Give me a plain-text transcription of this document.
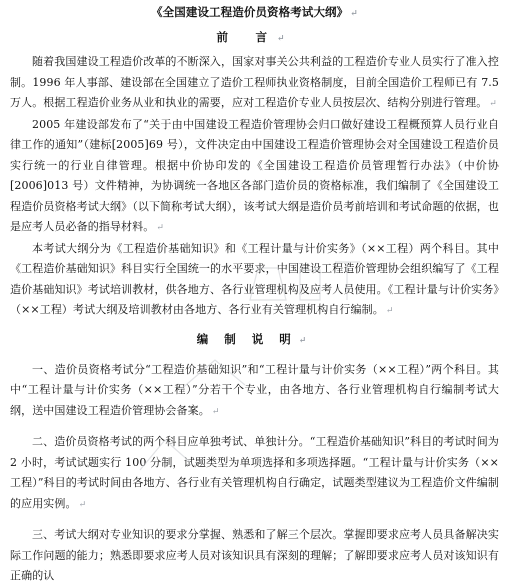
《全国建设工程造价员资格考试大纲》 ↵
前　言 ↵

随着我国建设工程造价改革的不断深入，国家对事关公共利益的工程造价专业人员实行了准入控制。1996 年人事部、建设部在全国建立了造价工程师执业资格制度，目前全国造价工程师已有 7.5 万人。根据工程造价业务从业和执业的需要，应对工程造价专业人员按层次、结构分别进行管理。 ↵

2005 年建设部发布了“关于由中国建设工程造价管理协会归口做好建设工程概预算人员行业自律工作的通知”（建标[2005]69 号），文件决定由中国建设工程造价管理协会对全国建设工程造价员实行统一的行业自律管理。根据中价协印发的《全国建设工程造价员管理暂行办法》（中价协 [2006]013 号）文件精神，为协调统一各地区各部门造价员的资格标准，我们编制了《全国建设工程造价员资格考试大纲》（以下简称考试大纲），该考试大纲是造价员考前培训和考试命题的依据，也是应考人员必备的指导材料。 ↵

本考试大纲分为《工程造价基础知识》和《工程计量与计价实务》（××工程）两个科目。其中《工程造价基础知识》科目实行全国统一的水平要求，中国建设工程造价管理协会组织编写了《工程造价基础知识》考试培训教材，供各地方、各行业管理机构及应考人员使用。《工程计量与计价实务》（××工程）考试大纲及培训教材由各地方、各行业有关管理机构自行编制。 ↵

编 制 说 明 ↵

一、造价员资格考试分“工程造价基础知识”和“工程计量与计价实务（××工程）”两个科目。其中“工程计量与计价实务（××工程）”分若干个专业，由各地方、各行业管理机构自行编制考试大纲，送中国建设工程造价管理协会备案。 ↵

二、造价员资格考试的两个科目应单独考试、单独计分。“工程造价基础知识”科目的考试时间为 2 小时，考试试题实行 100 分制，试题类型为单项选择和多项选择题。“工程计量与计价实务（××工程）”科目的考试时间由各地方、各行业有关管理机构自行确定，试题类型建议为工程造价文件编制的应用实例。 ↵

三、考试大纲对专业知识的要求分掌握、熟悉和了解三个层次。掌握即要求应考人员具备解决实际工作问题的能力；熟悉即要求应考人员对该知识具有深刻的理解；了解即要求应考人员对该知识有正确的认
